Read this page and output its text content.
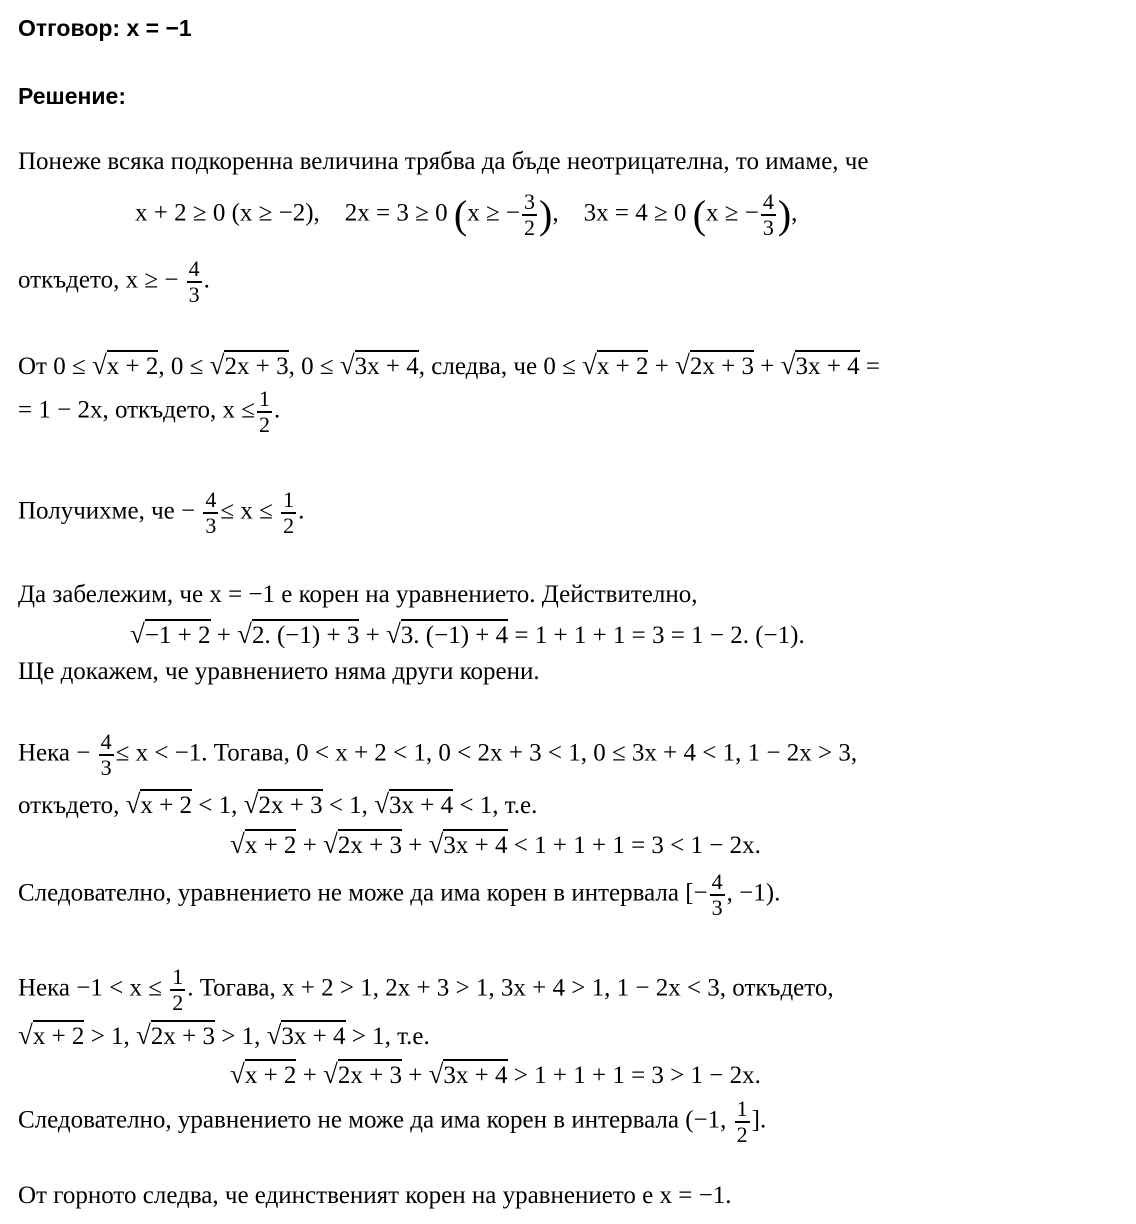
Отговор: x = −1
Решение:
Понеже всяка подкоренна величина трябва да бъде неотрицателна, то имаме, че
x + 2 ≥ 0 (x ≥ −2),    2x = 3 ≥ 0 (x ≥ − $\frac{3}{2}$ ),    3x = 4 ≥ 0 (x ≥ − $\frac{4}{3}$ ),
откъдето, x ≥ − $\frac{4}{3}$ .
От 0 ≤ √x + 2, 0 ≤ √2x + 3, 0 ≤ √3x + 4, следва, че 0 ≤ √x + 2 + √2x + 3 + √3x + 4 =
= 1 − 2x, откъдето, $x \le \frac{1}{2}$ .
Получихме, че − $\frac{4}{3} \le x \le \frac{1}{2}$ .
Да забележим, че x = −1 е корен на уравнението. Действително,
√−1 + 2 + √2. (−1) + 3 + √3. (−1) + 4 = 1 + 1 + 1 = 3 = 1 − 2. (−1).
Ще докажем, че уравнението няма други корени.
Нека − $\frac{4}{3} \le x < -1$. Тогава, 0 < x + 2 < 1, 0 < 2x + 3 < 1, 0 ≤ 3x + 4 < 1, 1 − 2x > 3,
откъдето, √x + 2 < 1, √2x + 3 < 1, √3x + 4 < 1, т.е.
√x + 2 + √2x + 3 + √3x + 4 < 1 + 1 + 1 = 3 < 1 − 2x.
Следователно, уравнението не може да има корен в интервала [− $\frac{4}{3}$ , −1).
Нека $-1 < x \le \frac{1}{2}$ . Тогава, x + 2 > 1, 2x + 3 > 1, 3x + 4 > 1, 1 − 2x < 3, откъдето,
√x + 2 > 1, √2x + 3 > 1, √3x + 4 > 1, т.е.
√x + 2 + √2x + 3 + √3x + 4 > 1 + 1 + 1 = 3 > 1 − 2x.
Следователно, уравнението не може да има корен в интервала (−1, $\frac{1}{2}$ ].
От горното следва, че единственият корен на уравнението е x = −1.
